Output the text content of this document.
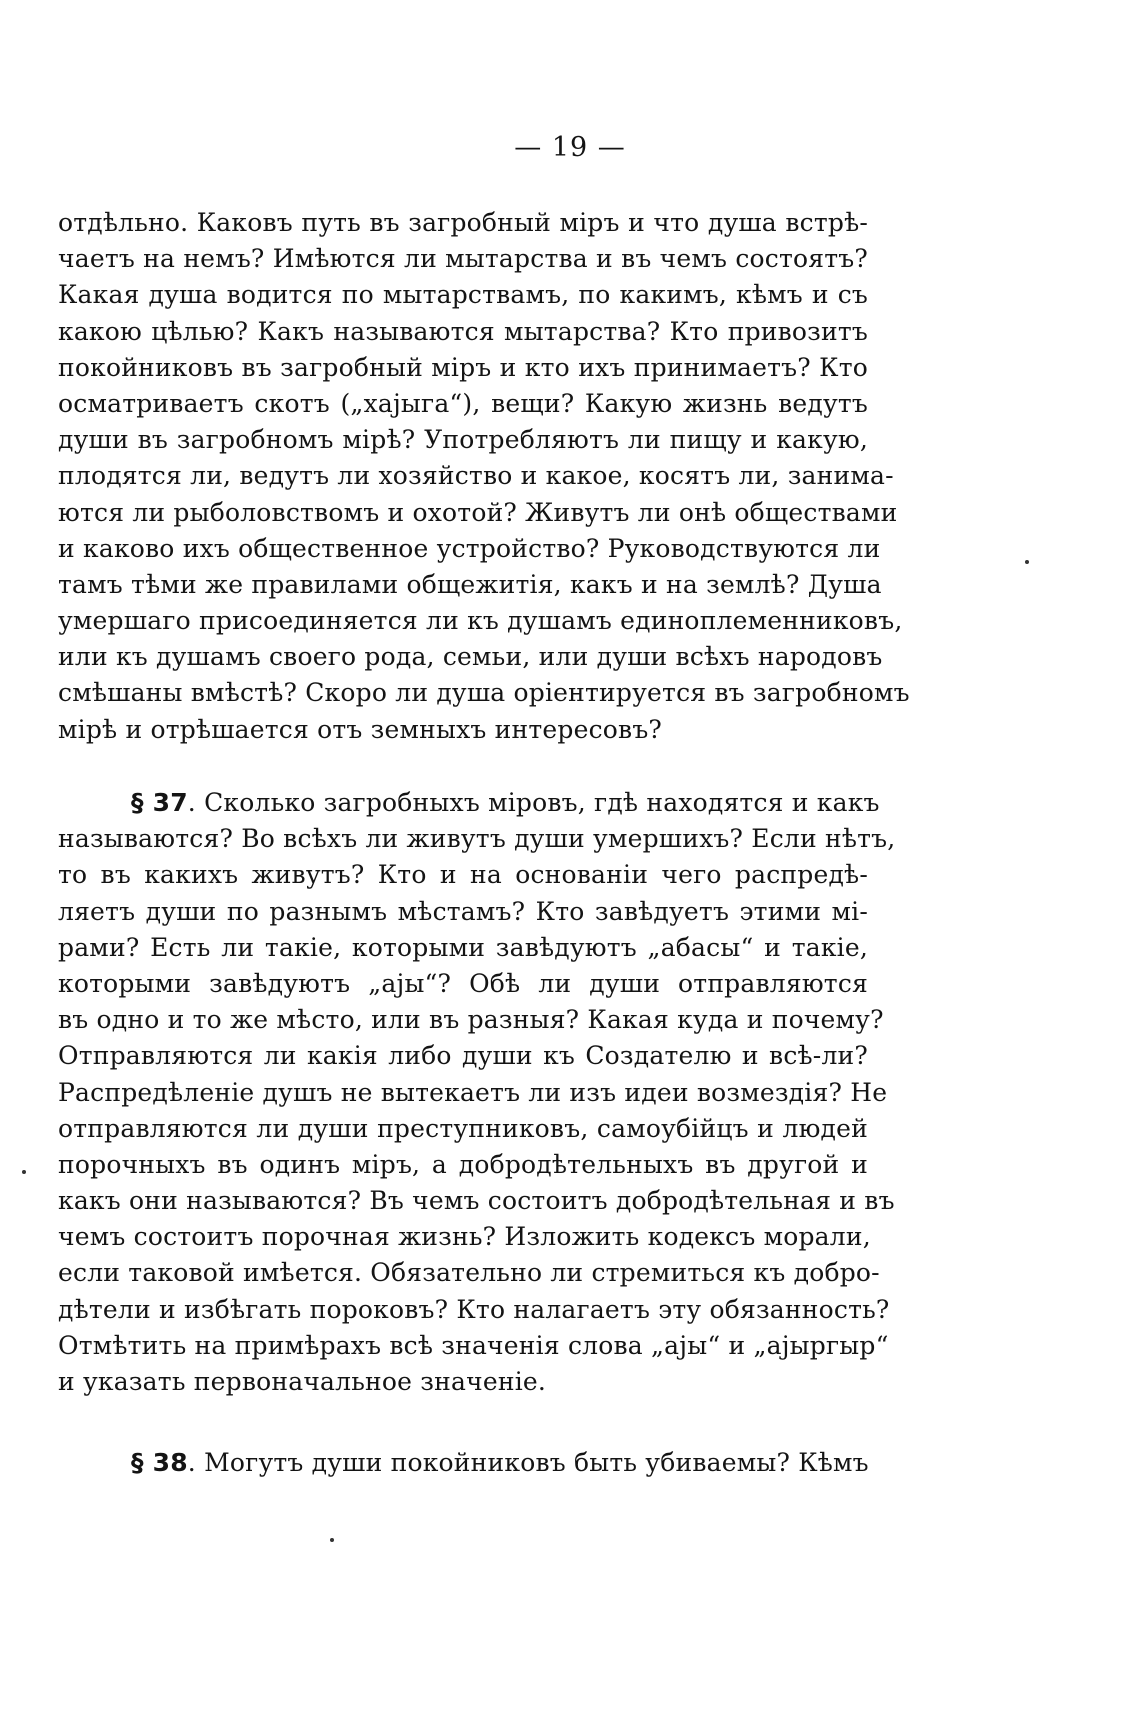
— 19 —
отдѣльно. Каковъ путь въ загробный міръ и что душа встрѣ-
чаетъ на немъ? Имѣются ли мытарства и въ чемъ состоятъ?
Какая душа водится по мытарствамъ, по какимъ, кѣмъ и съ
какою цѣлью? Какъ называются мытарства? Кто привозитъ
покойниковъ въ загробный міръ и кто ихъ принимаетъ? Кто
осматриваетъ скотъ („хаjыга“), вещи? Какую жизнь ведутъ
души въ загробномъ мірѣ? Употребляютъ ли пищу и какую,
плодятся ли, ведутъ ли хозяйство и какое, косятъ ли, занима-
ются ли рыболовствомъ и охотой? Живутъ ли онѣ обществами
и каково ихъ общественное устройство? Руководствуются ли
тамъ тѣми же правилами общежитія, какъ и на землѣ? Душа
умершаго присоединяется ли къ душамъ единоплеменниковъ,
или къ душамъ своего рода, семьи, или души всѣхъ народовъ
смѣшаны вмѣстѣ? Скоро ли душа оріентируется въ загробномъ
мірѣ и отрѣшается отъ земныхъ интересовъ?
§ 37. Сколько загробныхъ міровъ, гдѣ находятся и какъ
называются? Во всѣхъ ли живутъ души умершихъ? Если нѣтъ,
то въ какихъ живутъ? Кто и на основаніи чего распредѣ-
ляетъ души по разнымъ мѣстамъ? Кто завѣдуетъ этими мі-
рами? Есть ли такіе, которыми завѣдуютъ „абасы“ и такіе,
которыми завѣдуютъ „аjы“? Обѣ ли души отправляются
въ одно и то же мѣсто, или въ разныя? Какая куда и почему?
Отправляются ли какія либо души къ Создателю и всѣ-ли?
Распредѣленіе душъ не вытекаетъ ли изъ идеи возмездія? Не
отправляются ли души преступниковъ, самоубійцъ и людей
порочныхъ въ одинъ міръ, а добродѣтельныхъ въ другой и
какъ они называются? Въ чемъ состоитъ добродѣтельная и въ
чемъ состоитъ порочная жизнь? Изложить кодексъ морали,
если таковой имѣется. Обязательно ли стремиться къ добро-
дѣтели и избѣгать пороковъ? Кто налагаетъ эту обязанность?
Отмѣтить на примѣрахъ всѣ значенія слова „аjы“ и „аjыргыр“
и указать первоначальное значеніе.
§ 38. Могутъ души покойниковъ быть убиваемы? Кѣмъ
